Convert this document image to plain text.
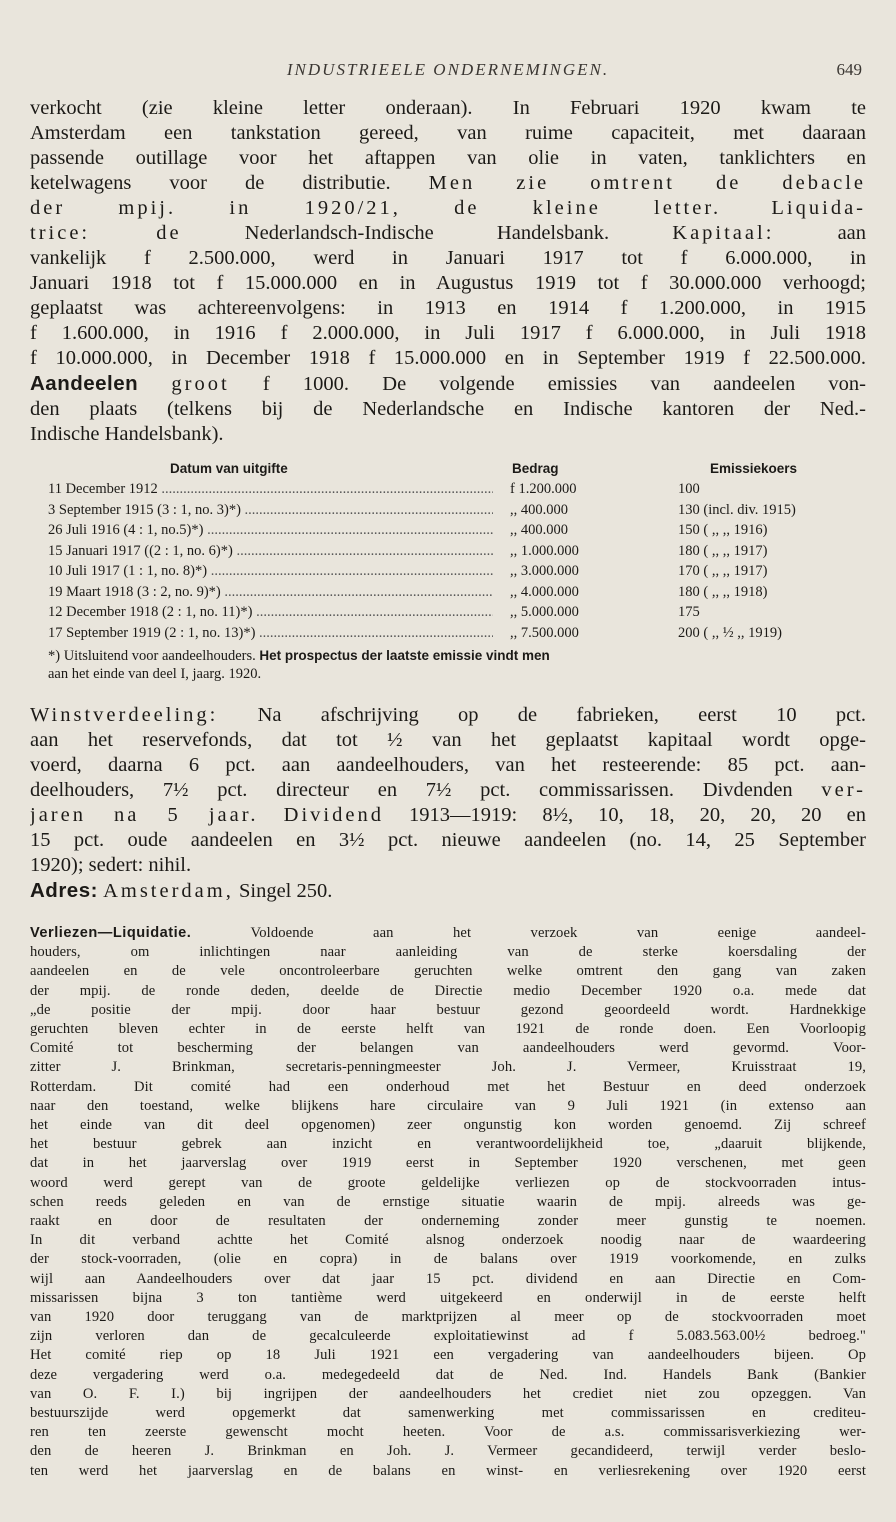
INDUSTRIEELE ONDERNEMINGEN.	649
verkocht (zie kleine letter onderaan). In Februari 1920 kwam te
Amsterdam een tankstation gereed, van ruime capaciteit, met daaraan
passende outillage voor het aftappen van olie in vaten, tanklichters en
ketelwagens voor de distributie. Men zie omtrent de debacle
der mpij. in 1920/21, de kleine letter. Liquida-
trice: de	Nederlandsch-Indische Handelsbank.	Kapitaal:	aan
vankelijk f 2.500.000, werd in Januari 1917 tot f 6.000.000, in
Januari 1918 tot f 15.000.000 en in Augustus 1919 tot f 30.000.000 verhoogd;
geplaatst was achtereenvolgens: in 1913 en 1914 f 1.200.000, in 1915
f 1.600.000, in 1916 f 2.000.000, in Juli 1917 f 6.000.000, in Juli 1918
f 10.000.000, in December 1918 f 15.000.000 en in September 1919 f 22.500.000.
Aandeelen groot f 1000. De volgende emissies van aandeelen von-
den plaats (telkens bij de Nederlandsche en Indische kantoren der Ned.-
Indische Handelsbank).
Datum van uitgifte	Bedrag	Emissiekoers
11 December 1912 .....	f 1.200.000	100
3 September 1915 (3 : 1, no. 3)*) .....	,, 400.000	130 (incl. div. 1915)
26 Juli 1916 (4 : 1, no.5)*) .....	,, 400.000	150 ( ,, ,, 1916)
15 Januari 1917 ((2 : 1, no. 6)*) .....	,, 1.000.000	180 ( ,, ,, 1917)
10 Juli 1917 (1 : 1, no. 8)*) .....	,, 3.000.000	170 ( ,, ,, 1917)
19 Maart 1918 (3 : 2, no. 9)*) .....	,, 4.000.000	180 ( ,, ,, 1918)
12 December 1918 (2 : 1, no. 11)*) .....	,, 5.000.000	175
17 September 1919 (2 : 1, no. 13)*) .....	,, 7.500.000	200 ( ,, ½ ,, 1919)
*) Uitsluitend voor aandeelhouders. Het prospectus der laatste emissie vindt men
aan het einde van deel I, jaarg. 1920.
Winstverdeeling: Na afschrijving op de fabrieken, eerst 10 pct.
aan het reservefonds, dat tot ½ van het geplaatst kapitaal wordt opge-
voerd, daarna 6 pct. aan aandeelhouders, van het resteerende: 85 pct. aan-
deelhouders, 7½ pct. directeur en 7½ pct. commissarissen. Divdenden ver-
jaren na 5 jaar. Dividend 1913—1919: 8½, 10, 18, 20, 20, 20 en
15 pct. oude aandeelen en 3½ pct. nieuwe aandeelen (no. 14, 25 September
1920); sedert: nihil.
Adres: Amsterdam, Singel 250.
Verliezen—Liquidatie.	Voldoende aan het verzoek van eenige aandeel-
houders, om inlichtingen naar aanleiding van de sterke koersdaling der
aandeelen en de vele oncontroleerbare geruchten welke omtrent den gang van zaken
der mpij. de ronde deden, deelde de Directie medio December 1920 o.a. mede dat
„de positie der mpij. door haar bestuur gezond geoordeeld wordt. Hardnekkige
geruchten bleven echter in de eerste helft van 1921 de ronde doen. Een Voorloopig
Comité tot bescherming der belangen van aandeelhouders werd gevormd. Voor-
zitter J. Brinkman, secretaris-penningmeester Joh. J. Vermeer, Kruisstraat 19,
Rotterdam. Dit comité had een onderhoud met het Bestuur en deed onderzoek
naar den toestand, welke blijkens hare circulaire van 9 Juli 1921 (in extenso aan
het einde van dit deel opgenomen) zeer ongunstig kon worden genoemd. Zij schreef
het bestuur gebrek aan inzicht en verantwoordelijkheid toe, „daaruit blijkende,
dat in het jaarverslag over 1919 eerst in September 1920 verschenen, met geen
woord werd gerept van de groote geldelijke verliezen op de stockvoorraden intus-
schen reeds geleden en van de ernstige situatie waarin de mpij. alreeds was ge-
raakt en door de resultaten der onderneming zonder meer gunstig te noemen.
In dit verband achtte het Comité alsnog onderzoek noodig naar de waardeering
der stock-voorraden, (olie en copra) in de balans over 1919 voorkomende, en zulks
wijl aan Aandeelhouders over dat jaar 15 pct. dividend en aan Directie en Com-
missarissen bijna 3 ton tantième werd uitgekeerd en onderwijl in de eerste helft
van 1920 door teruggang van de marktprijzen al meer op de stockvoorraden moet
zijn verloren dan de gecalculeerde exploitatiewinst ad f 5.083.563.00½ bedroeg."
Het comité riep op 18 Juli 1921 een vergadering van aandeelhouders bijeen. Op
deze vergadering werd o.a. medegedeeld dat de Ned. Ind. Handels Bank (Bankier
van O. F. I.) bij ingrijpen der aandeelhouders het crediet niet zou opzeggen. Van
bestuurszijde werd opgemerkt dat samenwerking met commissarissen en crediteu-
ren ten zeerste gewenscht mocht heeten. Voor de a.s. commissarisverkiezing wer-
den de heeren J. Brinkman en Joh. J. Vermeer gecandideerd, terwijl verder beslo-
ten werd het jaarverslag en de balans en winst- en verliesrekening over 1920 eerst
